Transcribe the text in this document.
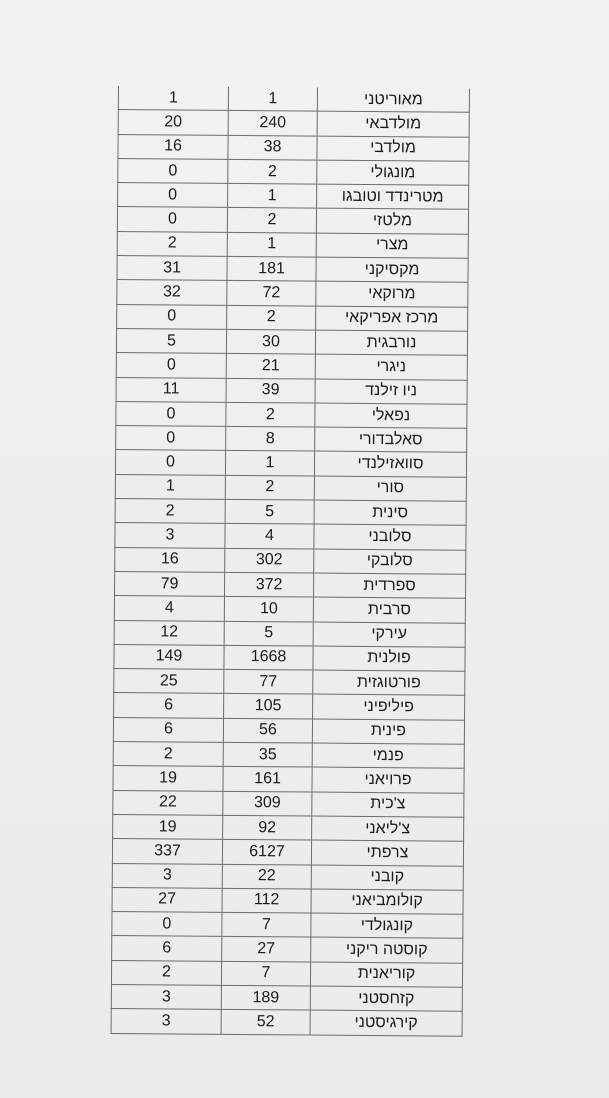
1	1	מאוריטני
20	240	מולדבאי
16	38	מולדבי
0	2	מונגולי
0	1	מטרינדד וטובגו
0	2	מלטזי
2	1	מצרי
31	181	מקסיקני
32	72	מרוקאי
0	2	מרכז אפריקאי
5	30	נורבגית
0	21	ניגרי
11	39	ניו זילנד
0	2	נפאלי
0	8	סאלבדורי
0	1	סוואזילנדי
1	2	סורי
2	5	סינית
3	4	סלובני
16	302	סלובקי
79	372	ספרדית
4	10	סרבית
12	5	עירקי
149	1668	פולנית
25	77	פורטוגזית
6	105	פיליפיני
6	56	פינית
2	35	פנמי
19	161	פרויאני
22	309	צ'כית
19	92	צ'ליאני
337	6127	צרפתי
3	22	קובני
27	112	קולומביאני
0	7	קונגולדי
6	27	קוסטה ריקני
2	7	קוריאנית
3	189	קזחסטני
3	52	קירגיסטני
